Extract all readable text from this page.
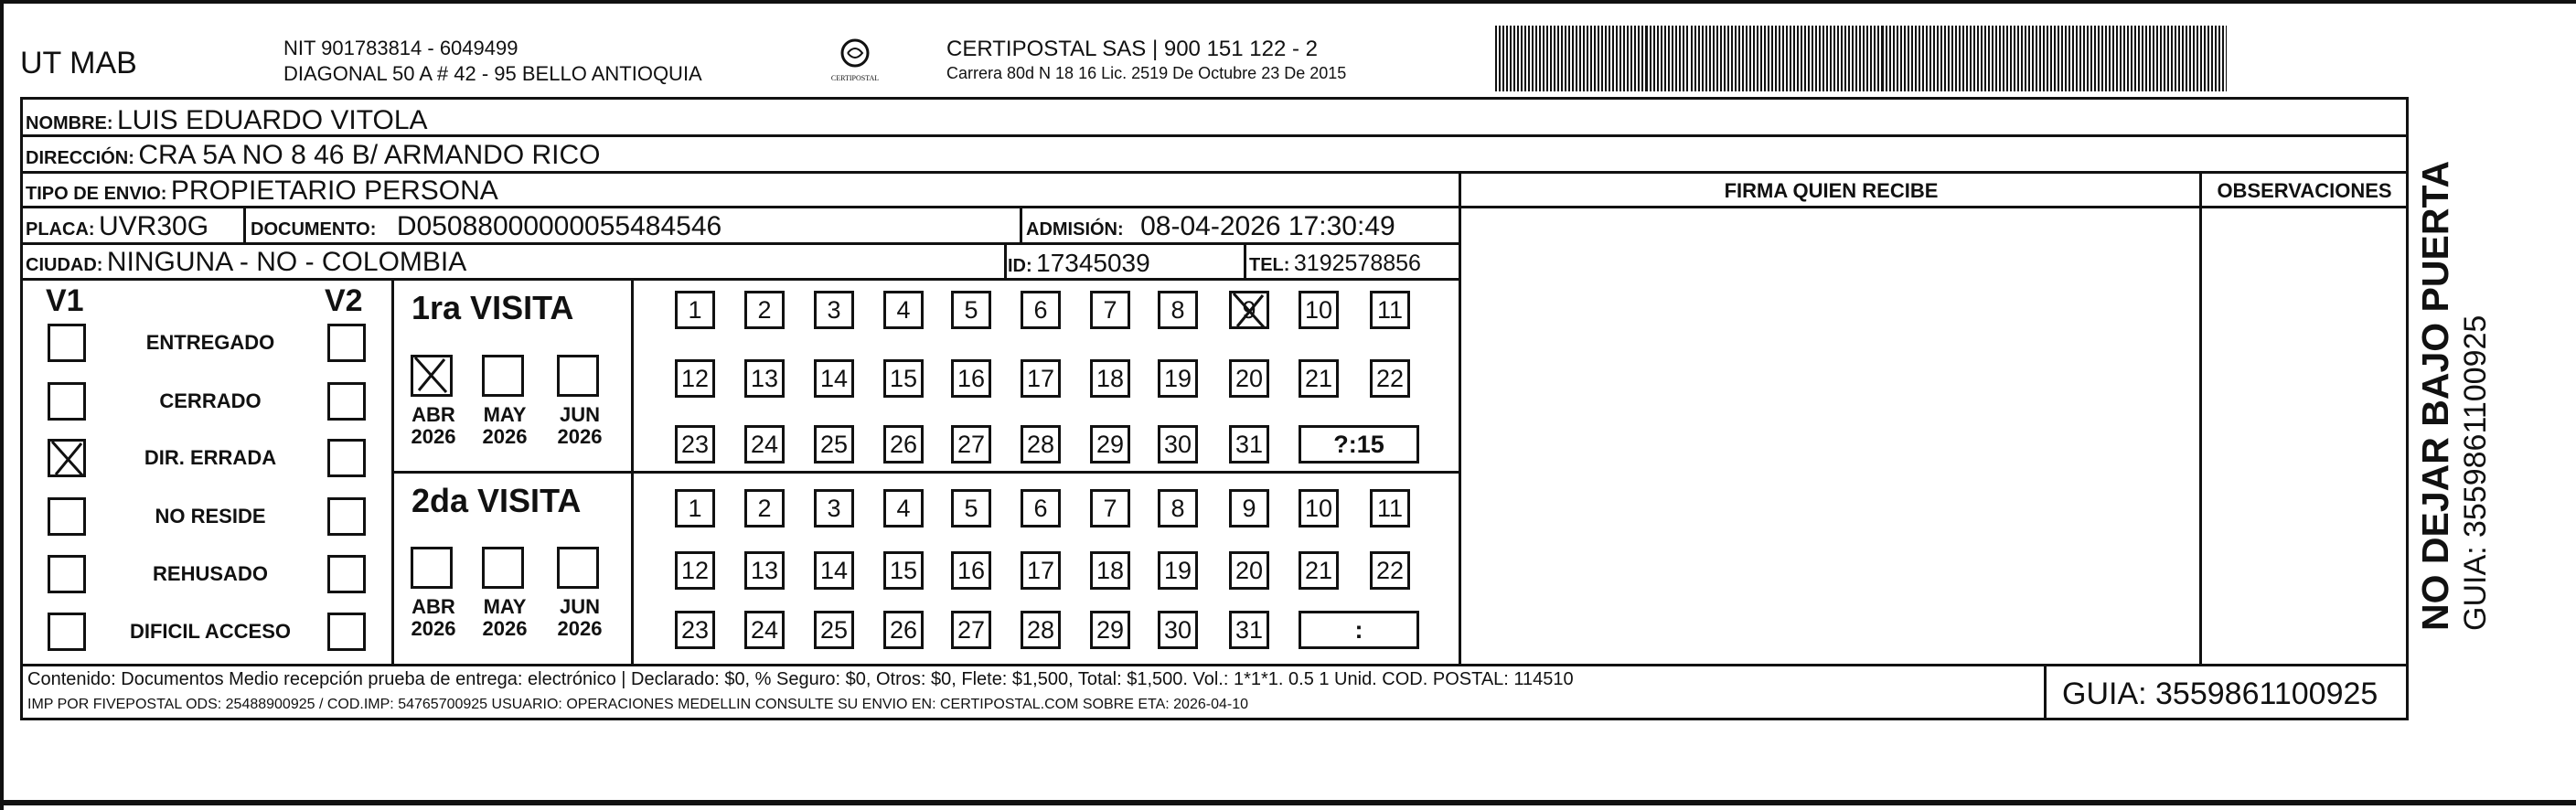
UT MAB	NIT 901783814 - 6049499
DIAGONAL 50 A # 42 - 95 BELLO ANTIOQUIA	CERTIPOSTAL
CERTIPOSTAL SAS | 900 151 122 - 2
Carrera 80d N 18 16 Lic. 2519 De Octubre 23 De 2015
NOMBRE: LUIS EDUARDO VITOLA
DIRECCIÓN: CRA 5A NO 8 46 B/ ARMANDO RICO
TIPO DE ENVIO: PROPIETARIO PERSONA	FIRMA QUIEN RECIBE	OBSERVACIONES
PLACA: UVR30G DOCUMENTO: D05088000000055484546	ADMISIÓN: 08-04-2026 17:30:49
CIUDAD: NINGUNA - NO - COLOMBIA	ID: 17345039	TEL: 3192578856
V1	V2
ENTREGADO
CERRADO
DIR. ERRADA
NO RESIDE
REHUSADO
DIFICIL ACCESO
1ra VISITA
2da VISITA
1	2	3	4	5	6	7	8	9	10 11
12 13 14 15 16 17 18 19 20 21 22
23 24 25 26 27 28 29 30 31	?:15
ABR
2026
MAY
2026
JUN
2026
1	2	3	4	5	6	7	8	9	10 11
12 13 14 15 16 17 18 19 20 21 22
23 24 25 26 27 28 29 30 31	:
ABR
2026
MAY
2026
JUN
2026	NO DEJAR BAJO PUERTA GUIA: 3559861100925
Contenido: Documentos Medio recepción prueba de entrega: electrónico | Declarado: $0, % Seguro: $0, Otros: $0, Flete: $1,500, Total: $1,500. Vol.: 1*1*1. 0.5 1 Unid. COD. POSTAL: 114510
IMP POR FIVEPOSTAL ODS: 25488900925 / COD.IMP: 54765700925 USUARIO: OPERACIONES MEDELLIN CONSULTE SU ENVIO EN: CERTIPOSTAL.COM SOBRE ETA: 2026-04-10	GUIA: 3559861100925
